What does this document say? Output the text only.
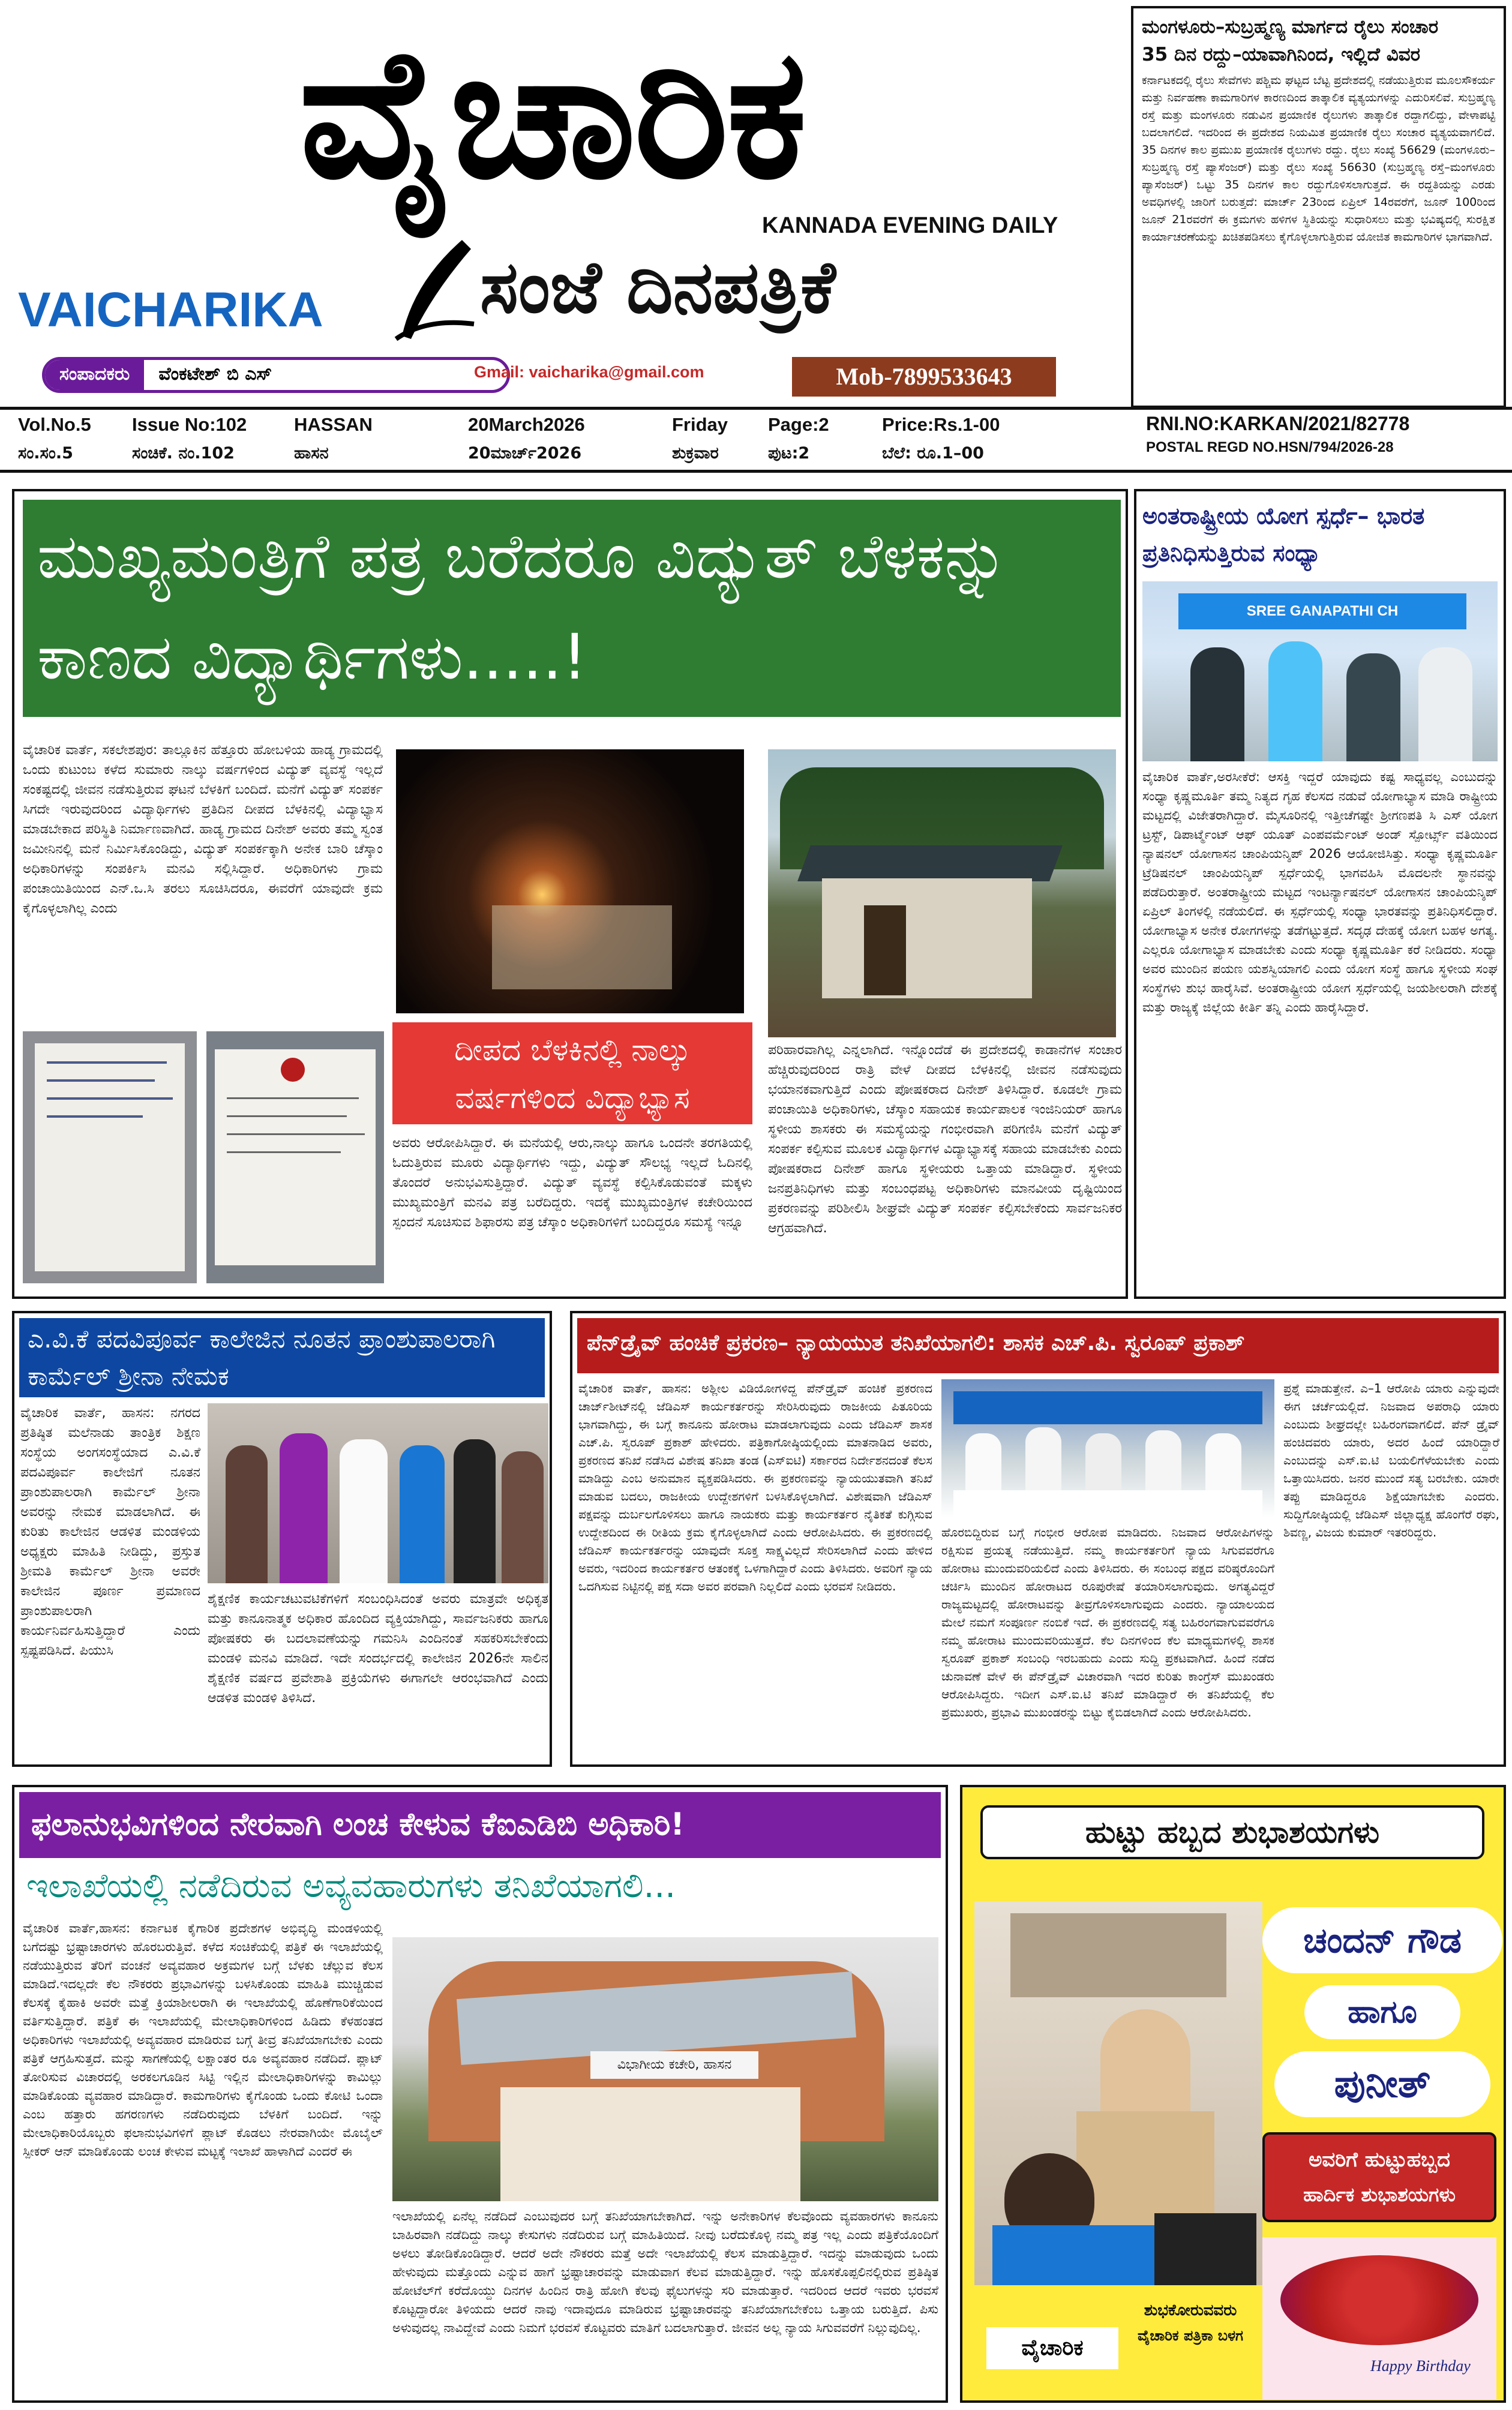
ವೈಚಾರಿಕ
VAICHARIKA
KANNADA EVENING DAILY
ಸಂಜೆ ದಿನಪತ್ರಿಕೆ
ಸಂಪಾದಕರು	ವೆಂಕಟೇಶ್ ಬಿ ಎಸ್	Gmail: vaicharika@gmail.com	Mob-7899533643
ಮಂಗಳೂರು–ಸುಬ್ರಹ್ಮಣ್ಯ ಮಾರ್ಗದ ರೈಲು ಸಂಚಾರ
35 ದಿನ ರದ್ದು–ಯಾವಾಗಿನಿಂದ, ಇಲ್ಲಿದೆ ವಿವರ
ಕರ್ನಾಟಕದಲ್ಲಿ ರೈಲು ಸೇವೆಗಳು ಪಶ್ಚಿಮ ಘಟ್ಟದ ಬೆಟ್ಟ ಪ್ರದೇಶದಲ್ಲಿ ನಡೆಯುತ್ತಿರುವ ಮೂಲಸೌಕರ್ಯ ಮತ್ತು ನಿರ್ವಹಣಾ ಕಾಮಗಾರಿಗಳ ಕಾರಣದಿಂದ ತಾತ್ಕಾಲಿಕ ವ್ಯತ್ಯಯಗಳನ್ನು ಎದುರಿಸಲಿವೆ. ಸುಬ್ರಹ್ಮಣ್ಯ ರಸ್ತೆ ಮತ್ತು ಮಂಗಳೂರು ನಡುವಿನ ಪ್ರಯಾಣಿಕ ರೈಲುಗಳು ತಾತ್ಕಾಲಿಕ ರದ್ದಾಗಲಿದ್ದು, ವೇಳಾಪಟ್ಟಿ ಬದಲಾಗಲಿದೆ. ಇದರಿಂದ ಈ ಪ್ರದೇಶದ ನಿಯಮಿತ ಪ್ರಯಾಣಿಕ ರೈಲು ಸಂಚಾರ ವ್ಯತ್ಯಯವಾಗಲಿದೆ. 35 ದಿನಗಳ ಕಾಲ ಪ್ರಮುಖ ಪ್ರಯಾಣಿಕ ರೈಲುಗಳು ರದ್ದು. ರೈಲು ಸಂಖ್ಯೆ 56629 (ಮಂಗಳೂರು–ಸುಬ್ರಹ್ಮಣ್ಯ ರಸ್ತೆ ಪ್ಯಾಸೆಂಜರ್) ಮತ್ತು ರೈಲು ಸಂಖ್ಯೆ 56630 (ಸುಬ್ರಹ್ಮಣ್ಯ ರಸ್ತೆ–ಮಂಗಳೂರು ಪ್ಯಾಸೆಂಜರ್) ಒಟ್ಟು 35 ದಿನಗಳ ಕಾಲ ರದ್ದುಗೊಳಿಸಲಾಗುತ್ತದೆ. ಈ ರದ್ದತಿಯನ್ನು ಎರಡು ಅವಧಿಗಳಲ್ಲಿ ಜಾರಿಗೆ ಬರುತ್ತದೆ: ಮಾರ್ಚ್ 23ರಿಂದ ಏಪ್ರಿಲ್ 14ರವರೆಗೆ, ಜೂನ್ 100ರಿಂದ ಜೂನ್ 21ರವರೆಗೆ ಈ ಕ್ರಮಗಳು ಹಳಿಗಳ ಸ್ಥಿತಿಯನ್ನು ಸುಧಾರಿಸಲು ಮತ್ತು ಭವಿಷ್ಯದಲ್ಲಿ ಸುರಕ್ಷಿತ ಕಾರ್ಯಾಚರಣೆಯನ್ನು ಖಚಿತಪಡಿಸಲು ಕೈಗೊಳ್ಳಲಾಗುತ್ತಿರುವ ಯೋಜಿತ ಕಾಮಗಾರಿಗಳ ಭಾಗವಾಗಿದೆ.
Vol.No.5	Issue No:102	HASSAN	20March2026	Friday	Page:2	Price:Rs.1-00
ಸಂ.ಸಂ.5	ಸಂಚಿಕೆ. ನಂ.102	ಹಾಸನ	20ಮಾರ್ಚ್2026	ಶುಕ್ರವಾರ	ಪುಟ:2	ಬೆಲೆ: ರೂ.1–00
RNI.NO:KARKAN/2021/82778
POSTAL REGD NO.HSN/794/2026-28
ಮುಖ್ಯಮಂತ್ರಿಗೆ ಪತ್ರ ಬರೆದರೂ ವಿದ್ಯುತ್ ಬೆಳಕನ್ನು ಕಾಣದ ವಿದ್ಯಾರ್ಥಿಗಳು.....!
ವೈಚಾರಿಕ ವಾರ್ತೆ, ಸಕಲೇಶಪುರ: ತಾಲ್ಲೂಕಿನ ಹೆತ್ತೂರು ಹೋಬಳಿಯ ಹಾಡ್ಯ ಗ್ರಾಮದಲ್ಲಿ ಒಂದು ಕುಟುಂಬ ಕಳೆದ ಸುಮಾರು ನಾಲ್ಕು ವರ್ಷಗಳಿಂದ ವಿದ್ಯುತ್ ವ್ಯವಸ್ಥೆ ಇಲ್ಲದೆ ಸಂಕಷ್ಟದಲ್ಲಿ ಜೀವನ ನಡೆಸುತ್ತಿರುವ ಘಟನೆ ಬೆಳಕಿಗೆ ಬಂದಿದೆ. ಮನೆಗೆ ವಿದ್ಯುತ್ ಸಂಪರ್ಕ ಸಿಗದೇ ಇರುವುದರಿಂದ ವಿದ್ಯಾರ್ಥಿಗಳು ಪ್ರತಿದಿನ ದೀಪದ ಬೆಳಕಿನಲ್ಲಿ ವಿದ್ಯಾಭ್ಯಾಸ ಮಾಡಬೇಕಾದ ಪರಿಸ್ಥಿತಿ ನಿರ್ಮಾಣವಾಗಿದೆ. ಹಾಡ್ಯ ಗ್ರಾಮದ ದಿನೇಶ್ ಅವರು ತಮ್ಮ ಸ್ವಂತ ಜಮೀನಿನಲ್ಲಿ ಮನೆ ನಿರ್ಮಿಸಿಕೊಂಡಿದ್ದು, ವಿದ್ಯುತ್ ಸಂಪರ್ಕಕ್ಕಾಗಿ ಅನೇಕ ಬಾರಿ ಚೆಸ್ಕಾಂ ಅಧಿಕಾರಿಗಳನ್ನು ಸಂಪರ್ಕಿಸಿ ಮನವಿ ಸಲ್ಲಿಸಿದ್ದಾರೆ. ಅಧಿಕಾರಿಗಳು ಗ್ರಾಮ ಪಂಚಾಯಿತಿಯಿಂದ ಎನ್.ಒ.ಸಿ ತರಲು ಸೂಚಿಸಿದರೂ, ಈವರೆಗೆ ಯಾವುದೇ ಕ್ರಮ ಕೈಗೊಳ್ಳಲಾಗಿಲ್ಲ ಎಂದು
ದೀಪದ ಬೆಳಕಿನಲ್ಲಿ ನಾಲ್ಕು ವರ್ಷಗಳಿಂದ ವಿದ್ಯಾಭ್ಯಾಸ
ಅವರು ಆರೋಪಿಸಿದ್ದಾರೆ. ಈ ಮನೆಯಲ್ಲಿ ಆರು,ನಾಲ್ಕು ಹಾಗೂ ಒಂದನೇ ತರಗತಿಯಲ್ಲಿ ಓದುತ್ತಿರುವ ಮೂರು ವಿದ್ಯಾರ್ಥಿಗಳು ಇದ್ದು, ವಿದ್ಯುತ್ ಸೌಲಭ್ಯ ಇಲ್ಲದೆ ಓದಿನಲ್ಲಿ ತೊಂದರೆ ಅನುಭವಿಸುತ್ತಿದ್ದಾರೆ. ವಿದ್ಯುತ್ ವ್ಯವಸ್ಥೆ ಕಲ್ಪಿಸಿಕೊಡುವಂತೆ ಮಕ್ಕಳು ಮುಖ್ಯಮಂತ್ರಿಗೆ ಮನವಿ ಪತ್ರ ಬರೆದಿದ್ದರು. ಇದಕ್ಕೆ ಮುಖ್ಯಮಂತ್ರಿಗಳ ಕಚೇರಿಯಿಂದ ಸ್ಪಂದನೆ ಸೂಚಿಸುವ ಶಿಫಾರಸು ಪತ್ರ ಚೆಸ್ಕಾಂ ಅಧಿಕಾರಿಗಳಿಗೆ ಬಂದಿದ್ದರೂ ಸಮಸ್ಯೆ ಇನ್ನೂ
ಪರಿಹಾರವಾಗಿಲ್ಲ ಎನ್ನಲಾಗಿದೆ. ಇನ್ನೊಂದೆಡೆ ಈ ಪ್ರದೇಶದಲ್ಲಿ ಕಾಡಾನೆಗಳ ಸಂಚಾರ ಹೆಚ್ಚಿರುವುದರಿಂದ ರಾತ್ರಿ ವೇಳೆ ದೀಪದ ಬೆಳಕಿನಲ್ಲಿ ಜೀವನ ನಡೆಸುವುದು ಭಯಾನಕವಾಗುತ್ತಿದೆ ಎಂದು ಪೋಷಕರಾದ ದಿನೇಶ್ ತಿಳಿಸಿದ್ದಾರೆ. ಕೂಡಲೇ ಗ್ರಾಮ ಪಂಚಾಯಿತಿ ಅಧಿಕಾರಿಗಳು, ಚೆಸ್ಕಾಂ ಸಹಾಯಕ ಕಾರ್ಯಪಾಲಕ ಇಂಜಿನಿಯರ್ ಹಾಗೂ ಸ್ಥಳೀಯ ಶಾಸಕರು ಈ ಸಮಸ್ಯೆಯನ್ನು ಗಂಭೀರವಾಗಿ ಪರಿಗಣಿಸಿ ಮನೆಗೆ ವಿದ್ಯುತ್ ಸಂಪರ್ಕ ಕಲ್ಪಿಸುವ ಮೂಲಕ ವಿದ್ಯಾರ್ಥಿಗಳ ವಿದ್ಯಾಭ್ಯಾಸಕ್ಕೆ ಸಹಾಯ ಮಾಡಬೇಕು ಎಂದು ಪೋಷಕರಾದ ದಿನೇಶ್ ಹಾಗೂ ಸ್ಥಳೀಯರು ಒತ್ತಾಯ ಮಾಡಿದ್ದಾರೆ. ಸ್ಥಳೀಯ ಜನಪ್ರತಿನಿಧಿಗಳು ಮತ್ತು ಸಂಬಂಧಪಟ್ಟ ಅಧಿಕಾರಿಗಳು ಮಾನವೀಯ ದೃಷ್ಟಿಯಿಂದ ಪ್ರಕರಣವನ್ನು ಪರಿಶೀಲಿಸಿ ಶೀಘ್ರವೇ ವಿದ್ಯುತ್ ಸಂಪರ್ಕ ಕಲ್ಪಿಸಬೇಕೆಂದು ಸಾರ್ವಜನಿಕರ ಆಗ್ರಹವಾಗಿದೆ.
ಅಂತರಾಷ್ಟ್ರೀಯ ಯೋಗ ಸ್ಪರ್ಧೆ– ಭಾರತ ಪ್ರತಿನಿಧಿಸುತ್ತಿರುವ ಸಂಧ್ಯಾ
SREE GANAPATHI CH
ವೈಚಾರಿಕ ವಾರ್ತೆ,ಅರಸೀಕೆರೆ: ಆಸಕ್ತಿ ಇದ್ದರೆ ಯಾವುದು ಕಷ್ಟ ಸಾಧ್ಯವಲ್ಲ ಎಂಬುದನ್ನು ಸಂಧ್ಯಾ ಕೃಷ್ಣಮೂರ್ತಿ ತಮ್ಮ ನಿತ್ಯದ ಗೃಹ ಕೆಲಸದ ನಡುವೆ ಯೋಗಾಭ್ಯಾಸ ಮಾಡಿ ರಾಷ್ಟ್ರೀಯ ಮಟ್ಟದಲ್ಲಿ ವಿಜೇತರಾಗಿದ್ದಾರೆ. ಮೈಸೂರಿನಲ್ಲಿ ಇತ್ತೀಚೆಗಷ್ಟೇ ಶ್ರೀಗಣಪತಿ ಸಿ ಎಸ್ ಯೋಗ ಟ್ರಸ್ಟ್, ಡಿಪಾರ್ಟ್ಮೆಂಟ್ ಆಫ್ ಯೂತ್ ಎಂಪವರ್ಮೆಂಟ್ ಅಂಡ್ ಸ್ಪೋರ್ಟ್ಸ್ ವತಿಯಿಂದ ನ್ಯಾಷನಲ್ ಯೋಗಾಸನ ಚಾಂಪಿಯನ್ಶಿಪ್ 2026 ಆಯೋಜಿಸಿತ್ತು. ಸಂಧ್ಯಾ ಕೃಷ್ಣಮೂರ್ತಿ ಟ್ರೆಡಿಷನಲ್ ಚಾಂಪಿಯನ್ಶಿಪ್ ಸ್ಪರ್ಧೆಯಲ್ಲಿ ಭಾಗವಹಿಸಿ ಮೊದಲನೇ ಸ್ಥಾನವನ್ನು ಪಡೆದಿರುತ್ತಾರೆ. ಅಂತರಾಷ್ಟ್ರೀಯ ಮಟ್ಟದ ಇಂಟರ್ನ್ಯಾಷನಲ್ ಯೋಗಾಸನ ಚಾಂಪಿಯನ್ಶಿಪ್ ಏಪ್ರಿಲ್ ತಿಂಗಳಲ್ಲಿ ನಡೆಯಲಿದೆ. ಈ ಸ್ಪರ್ಧೆಯಲ್ಲಿ ಸಂಧ್ಯಾ ಭಾರತವನ್ನು ಪ್ರತಿನಿಧಿಸಲಿದ್ದಾರೆ. ಯೋಗಾಭ್ಯಾಸ ಅನೇಕ ರೋಗಗಳನ್ನು ತಡೆಗಟ್ಟುತ್ತದೆ. ಸದೃಢ ದೇಹಕ್ಕೆ ಯೋಗ ಬಹಳ ಅಗತ್ಯ. ಎಲ್ಲರೂ ಯೋಗಾಭ್ಯಾಸ ಮಾಡಬೇಕು ಎಂದು ಸಂಧ್ಯಾ ಕೃಷ್ಣಮೂರ್ತಿ ಕರೆ ನೀಡಿದರು. ಸಂಧ್ಯಾ ಅವರ ಮುಂದಿನ ಪಯಣ ಯಶಸ್ವಿಯಾಗಲಿ ಎಂದು ಯೋಗ ಸಂಸ್ಥೆ ಹಾಗೂ ಸ್ಥಳೀಯ ಸಂಘ ಸಂಸ್ಥೆಗಳು ಶುಭ ಹಾರೈಸಿವೆ. ಅಂತರಾಷ್ಟ್ರೀಯ ಯೋಗ ಸ್ಪರ್ಧೆಯಲ್ಲಿ ಜಯಶೀಲರಾಗಿ ದೇಶಕ್ಕೆ ಮತ್ತು ರಾಜ್ಯಕ್ಕೆ ಜಿಲ್ಲೆಯ ಕೀರ್ತಿ ತನ್ನಿ ಎಂದು ಹಾರೈಸಿದ್ದಾರೆ.
ಎ.ವಿ.ಕೆ ಪದವಿಪೂರ್ವ ಕಾಲೇಜಿನ ನೂತನ ಪ್ರಾಂಶುಪಾಲರಾಗಿ ಕಾರ್ಮೆಲ್ ಶ್ರೀನಾ ನೇಮಕ
ವೈಚಾರಿಕ ವಾರ್ತೆ, ಹಾಸನ: ನಗರದ ಪ್ರತಿಷ್ಠಿತ ಮಲೆನಾಡು ತಾಂತ್ರಿಕ ಶಿಕ್ಷಣ ಸಂಸ್ಥೆಯ ಅಂಗಸಂಸ್ಥೆಯಾದ ಎ.ವಿ.ಕೆ ಪದವಿಪೂರ್ವ ಕಾಲೇಜಿಗೆ ನೂತನ ಪ್ರಾಂಶುಪಾಲರಾಗಿ ಕಾರ್ಮೆಲ್ ಶ್ರೀನಾ ಅವರನ್ನು ನೇಮಕ ಮಾಡಲಾಗಿದೆ. ಈ ಕುರಿತು ಕಾಲೇಜಿನ ಆಡಳಿತ ಮಂಡಳಿಯ ಅಧ್ಯಕ್ಷರು ಮಾಹಿತಿ ನೀಡಿದ್ದು, ಪ್ರಸ್ತುತ ಶ್ರೀಮತಿ ಕಾರ್ಮೆಲ್ ಶ್ರೀನಾ ಅವರೇ ಕಾಲೇಜಿನ ಪೂರ್ಣ ಪ್ರಮಾಣದ ಪ್ರಾಂಶುಪಾಲರಾಗಿ ಕಾರ್ಯನಿರ್ವಹಿಸುತ್ತಿದ್ದಾರೆ ಎಂದು ಸ್ಪಷ್ಟಪಡಿಸಿದೆ. ಪಿಯುಸಿ
ಶೈಕ್ಷಣಿಕ ಕಾರ್ಯಚಟುವಟಿಕೆಗಳಿಗೆ ಸಂಬಂಧಿಸಿದಂತೆ ಅವರು ಮಾತ್ರವೇ ಅಧಿಕೃತ ಮತ್ತು ಕಾನೂನಾತ್ಮಕ ಅಧಿಕಾರ ಹೊಂದಿದ ವ್ಯಕ್ತಿಯಾಗಿದ್ದು, ಸಾರ್ವಜನಿಕರು ಹಾಗೂ ಪೋಷಕರು ಈ ಬದಲಾವಣೆಯನ್ನು ಗಮನಿಸಿ ಎಂದಿನಂತೆ ಸಹಕರಿಸಬೇಕೆಂದು ಮಂಡಳಿ ಮನವಿ ಮಾಡಿದೆ. ಇದೇ ಸಂದರ್ಭದಲ್ಲಿ ಕಾಲೇಜಿನ 2026ನೇ ಸಾಲಿನ ಶೈಕ್ಷಣಿಕ ವರ್ಷದ ಪ್ರವೇಶಾತಿ ಪ್ರಕ್ರಿಯೆಗಳು ಈಗಾಗಲೇ ಆರಂಭವಾಗಿದೆ ಎಂದು ಆಡಳಿತ ಮಂಡಳಿ ತಿಳಿಸಿದೆ.
ಪೆನ್‌ಡ್ರೈವ್ ಹಂಚಿಕೆ ಪ್ರಕರಣ– ನ್ಯಾಯಯುತ ತನಿಖೆಯಾಗಲಿ: ಶಾಸಕ ಎಚ್.ಪಿ. ಸ್ವರೂಪ್ ಪ್ರಕಾಶ್
ವೈಚಾರಿಕ ವಾರ್ತೆ, ಹಾಸನ: ಅಶ್ಲೀಲ ವಿಡಿಯೋಗಳಿದ್ದ ಪೆನ್‌ಡ್ರೈವ್ ಹಂಚಿಕೆ ಪ್ರಕರಣದ ಚಾರ್ಜ್‌ಶೀಟ್‌ನಲ್ಲಿ ಜೆಡಿಎಸ್ ಕಾರ್ಯಕರ್ತರನ್ನು ಸೇರಿಸಿರುವುದು ರಾಜಕೀಯ ಪಿತೂರಿಯ ಭಾಗವಾಗಿದ್ದು, ಈ ಬಗ್ಗೆ ಕಾನೂನು ಹೋರಾಟ ಮಾಡಲಾಗುವುದು ಎಂದು ಜೆಡಿಎಸ್ ಶಾಸಕ ಎಚ್.ಪಿ. ಸ್ವರೂಪ್ ಪ್ರಕಾಶ್ ಹೇಳಿದರು. ಪತ್ರಿಕಾಗೋಷ್ಠಿಯಲ್ಲಿಂದು ಮಾತನಾಡಿದ ಅವರು, ಪ್ರಕರಣದ ತನಿಖೆ ನಡೆಸಿದ ವಿಶೇಷ ತನಿಖಾ ತಂಡ (ಎಸ್‌ಐಟಿ) ಸರ್ಕಾರದ ನಿರ್ದೇಶನದಂತೆ ಕೆಲಸ ಮಾಡಿದ್ದು ಎಂಬ ಅನುಮಾನ ವ್ಯಕ್ತಪಡಿಸಿದರು. ಈ ಪ್ರಕರಣವನ್ನು ನ್ಯಾಯಯುತವಾಗಿ ತನಿಖೆ ಮಾಡುವ ಬದಲು, ರಾಜಕೀಯ ಉದ್ದೇಶಗಳಿಗೆ ಬಳಸಿಕೊಳ್ಳಲಾಗಿದೆ. ವಿಶೇಷವಾಗಿ ಜೆಡಿಎಸ್ ಪಕ್ಷವನ್ನು ದುರ್ಬಲಗೊಳಿಸಲು ಹಾಗೂ ನಾಯಕರು ಮತ್ತು ಕಾರ್ಯಕರ್ತರ ನೈತಿಕತೆ ಕುಗ್ಗಿಸುವ ಉದ್ದೇಶದಿಂದ ಈ ರೀತಿಯ ಕ್ರಮ ಕೈಗೊಳ್ಳಲಾಗಿದೆ ಎಂದು ಆರೋಪಿಸಿದರು. ಈ ಪ್ರಕರಣದಲ್ಲಿ ಜೆಡಿಎಸ್ ಕಾರ್ಯಕರ್ತರನ್ನು ಯಾವುದೇ ಸೂಕ್ತ ಸಾಕ್ಷ್ಯವಿಲ್ಲದೆ ಸೇರಿಸಲಾಗಿದೆ ಎಂದು ಹೇಳಿದ ಅವರು, ಇದರಿಂದ ಕಾರ್ಯಕರ್ತರ ಆತಂಕಕ್ಕೆ ಒಳಗಾಗಿದ್ದಾರೆ ಎಂದು ತಿಳಿಸಿದರು. ಅವರಿಗೆ ನ್ಯಾಯ ಒದಗಿಸುವ ನಿಟ್ಟಿನಲ್ಲಿ ಪಕ್ಷ ಸದಾ ಅವರ ಪರವಾಗಿ ನಿಲ್ಲಲಿದೆ ಎಂದು ಭರವಸೆ ನೀಡಿದರು.
ಹೊರಬಿದ್ದಿರುವ ಬಗ್ಗೆ ಗಂಭೀರ ಆರೋಪ ಮಾಡಿದರು. ನಿಜವಾದ ಆರೋಪಿಗಳನ್ನು ರಕ್ಷಿಸುವ ಪ್ರಯತ್ನ ನಡೆಯುತ್ತಿದೆ. ನಮ್ಮ ಕಾರ್ಯಕರ್ತರಿಗೆ ನ್ಯಾಯ ಸಿಗುವವರೆಗೂ ಹೋರಾಟ ಮುಂದುವರಿಯಲಿದೆ ಎಂದು ತಿಳಿಸಿದರು. ಈ ಸಂಬಂಧ ಪಕ್ಷದ ವರಿಷ್ಠರೊಂದಿಗೆ ಚರ್ಚಿಸಿ ಮುಂದಿನ ಹೋರಾಟದ ರೂಪುರೇಷೆ ತಯಾರಿಸಲಾಗುವುದು. ಅಗತ್ಯವಿದ್ದರೆ ರಾಜ್ಯಮಟ್ಟದಲ್ಲಿ ಹೋರಾಟವನ್ನು ತೀವ್ರಗೊಳಿಸಲಾಗುವುದು ಎಂದರು. ನ್ಯಾಯಾಲಯದ ಮೇಲೆ ನಮಗೆ ಸಂಪೂರ್ಣ ನಂಬಿಕೆ ಇದೆ. ಈ ಪ್ರಕರಣದಲ್ಲಿ ಸತ್ಯ ಬಹಿರಂಗವಾಗುವವರೆಗೂ ನಮ್ಮ ಹೋರಾಟ ಮುಂದುವರಿಯುತ್ತದೆ. ಕೆಲ ದಿನಗಳಿಂದ ಕೆಲ ಮಾಧ್ಯಮಗಳಲ್ಲಿ ಶಾಸಕ ಸ್ವರೂಪ್ ಪ್ರಕಾಶ್ ಸಂಬಂಧಿ ಇರಬಹುದು ಎಂದು ಸುದ್ದಿ ಪ್ರಕಟವಾಗಿದೆ. ಹಿಂದೆ ನಡೆದ ಚುನಾವಣೆ ವೇಳೆ ಈ ಪೆನ್‌ಡ್ರೈವ್ ವಿಚಾರವಾಗಿ ಇದರ ಕುರಿತು ಕಾಂಗ್ರೆಸ್ ಮುಖಂಡರು ಆರೋಪಿಸಿದ್ದರು. ಇದೀಗ ಎಸ್.ಐ.ಟಿ ತನಿಖೆ ಮಾಡಿದ್ದಾರೆ ಈ ತನಿಖೆಯಲ್ಲಿ ಕೆಲ ಪ್ರಮುಖರು, ಪ್ರಭಾವಿ ಮುಖಂಡರನ್ನು ಬಿಟ್ಟು ಕೈಬಿಡಲಾಗಿದೆ ಎಂದು ಆರೋಪಿಸಿದರು.
ಪ್ರಶ್ನೆ ಮಾಡುತ್ತೇನೆ. ಎ–1 ಆರೋಪಿ ಯಾರು ಎನ್ನುವುದೇ ಈಗ ಚರ್ಚೆಯಲ್ಲಿದೆ. ನಿಜವಾದ ಅಪರಾಧಿ ಯಾರು ಎಂಬುದು ಶೀಘ್ರದಲ್ಲೇ ಬಹಿರಂಗವಾಗಲಿದೆ. ಪೆನ್ ಡ್ರೈವ್ ಹಂಚಿದವರು ಯಾರು, ಅದರ ಹಿಂದೆ ಯಾರಿದ್ದಾರೆ ಎಂಬುದನ್ನು ಎಸ್.ಐ.ಟಿ ಬಯಲಿಗೆಳೆಯಬೇಕು ಎಂದು ಒತ್ತಾಯಿಸಿದರು. ಜನರ ಮುಂದೆ ಸತ್ಯ ಬರಬೇಕು. ಯಾರೇ ತಪ್ಪು ಮಾಡಿದ್ದರೂ ಶಿಕ್ಷೆಯಾಗಬೇಕು ಎಂದರು. ಸುದ್ದಿಗೋಷ್ಠಿಯಲ್ಲಿ ಜೆಡಿಎಸ್ ಜಿಲ್ಲಾಧ್ಯಕ್ಷ ಹೊಂಗೆರೆ ರಘು, ಶಿವಣ್ಣ, ವಿಜಯ ಕುಮಾರ್ ಇತರರಿದ್ದರು.
ಫಲಾನುಭವಿಗಳಿಂದ ನೇರವಾಗಿ ಲಂಚ ಕೇಳುವ ಕೆಐಎಡಿಬಿ ಅಧಿಕಾರಿ!
ಇಲಾಖೆಯಲ್ಲಿ ನಡೆದಿರುವ ಅವ್ಯವಹಾರುಗಳು ತನಿಖೆಯಾಗಲಿ...
ವೈಚಾರಿಕ ವಾರ್ತೆ,ಹಾಸನ: ಕರ್ನಾಟಕ ಕೈಗಾರಿಕ ಪ್ರದೇಶಗಳ ಅಭಿವೃದ್ಧಿ ಮಂಡಳಿಯಲ್ಲಿ ಬಗೆದಷ್ಟು ಭ್ರಷ್ಟಾಚಾರಗಳು ಹೊರಬರುತ್ತಿವೆ. ಕಳೆದ ಸಂಚಿಕೆಯಲ್ಲಿ ಪತ್ರಿಕೆ ಈ ಇಲಾಖೆಯಲ್ಲಿ ನಡೆಯುತ್ತಿರುವ ತೆರಿಗೆ ವಂಚನೆ ಅವ್ಯವಹಾರ ಅಕ್ರಮಗಳ ಬಗ್ಗೆ ಬೆಳಕು ಚೆಲ್ಲುವ ಕೆಲಸ ಮಾಡಿದೆ.ಇದಲ್ಲದೇ ಕೆಲ ನೌಕರರು ಪ್ರಭಾವಿಗಳನ್ನು ಬಳಸಿಕೊಂಡು ಮಾಹಿತಿ ಮುಚ್ಚಿಡುವ ಕೆಲಸಕ್ಕೆ ಕೈಹಾಕಿ ಅವರೇ ಮತ್ತೆ ಕ್ರಿಯಾಶೀಲರಾಗಿ ಈ ಇಲಾಖೆಯಲ್ಲಿ ಹೊಣೆಗಾರಿಕೆಯಿಂದ ವರ್ತಿಸುತ್ತಿದ್ದಾರೆ. ಪತ್ರಿಕೆ ಈ ಇಲಾಖೆಯಲ್ಲಿ ಮೇಲಾಧಿಕಾರಿಗಳಿಂದ ಹಿಡಿದು ಕೆಳಹಂತದ ಅಧಿಕಾರಿಗಳು ಇಲಾಖೆಯಲ್ಲಿ ಅವ್ಯವಹಾರ ಮಾಡಿರುವ ಬಗ್ಗೆ ತೀವ್ರ ತನಿಖೆಯಾಗಬೇಕು ಎಂದು ಪತ್ರಿಕೆ ಆಗ್ರಹಿಸುತ್ತದೆ. ಮನ್ನು ಸಾಗಣೆಯಲ್ಲಿ ಲಕ್ಷಾಂತರ ರೂ ಅವ್ಯವಹಾರ ನಡೆದಿದೆ. ಪ್ಲಾಟ್ ತೋರಿಸುವ ವಿಚಾರದಲ್ಲಿ ಅರಕಲಗೂಡಿನ ಸಿಟ್ಟಿ ಇಲ್ಲಿನ ಮೇಲಾಧಿಕಾರಿಗಳನ್ನು ಕಾಮಿಲ್ಲು ಮಾಡಿಕೊಂಡು ವ್ಯವಹಾರ ಮಾಡಿದ್ದಾರೆ. ಕಾಮಗಾರಿಗಳು ಕೈಗೊಂಡು ಒಂದು ಕೋಟಿ ಒಂದಾ ಎಂಬ ಹತ್ತಾರು ಹಗರಣಗಳು ನಡೆದಿರುವುದು ಬೆಳಕಿಗೆ ಬಂದಿದೆ. ಇನ್ನು ಮೇಲಾಧಿಕಾರಿಯೊಬ್ಬರು ಫಲಾನುಭವಿಗಳಿಗೆ ಪ್ಲಾಟ್ ಕೊಡಲು ನೇರವಾಗಿಯೇ ಮೊಬೈಲ್ ಸ್ಪೀಕರ್ ಆನ್ ಮಾಡಿಕೊಂಡು ಲಂಚ ಕೇಳುವ ಮಟ್ಟಕ್ಕೆ ಇಲಾಖೆ ಹಾಳಾಗಿದೆ ಎಂದರೆ ಈ
ವಿಭಾಗೀಯ ಕಚೇರಿ, ಹಾಸನ
ಇಲಾಖೆಯಲ್ಲಿ ಏನೆಲ್ಲ ನಡೆದಿದೆ ಎಂಬುವುದರ ಬಗ್ಗೆ ತನಿಖೆಯಾಗಬೇಕಾಗಿದೆ. ಇನ್ನು ಅನೇಕಾರಿಗಳ ಕೆಲವೊಂದು ವ್ಯವಹಾರಗಳು ಕಾನೂನು ಬಾಹಿರವಾಗಿ ನಡೆದಿದ್ದು ನಾಲ್ಕು ಕೇಸುಗಳು ನಡೆದಿರುವ ಬಗ್ಗೆ ಮಾಹಿತಿಯಿದೆ. ನೀವು ಬರೆದುಕೊಳ್ಳಿ ನಮ್ಮ ಪತ್ರ ಇಲ್ಲ ಎಂದು ಪತ್ರಿಕೆಯೊಂದಿಗೆ ಅಳಲು ತೋಡಿಕೊಂಡಿದ್ದಾರೆ. ಆದರೆ ಅದೇ ನೌಕರರು ಮತ್ತೆ ಅದೇ ಇಲಾಖೆಯಲ್ಲಿ ಕೆಲಸ ಮಾಡುತ್ತಿದ್ದಾರೆ. ಇದನ್ನು ಮಾಡುವುದು ಒಂದು ಹೇಳುವುದು ಮತ್ತೊಂದು ಎನ್ನುವ ಹಾಗೆ ಭ್ರಷ್ಟಾಚಾರವನ್ನು ಮಾಡುವಾಗ ಕೆಲವ ಮಾಡುತ್ತಿದ್ದಾರೆ. ಇನ್ನು ಹೊಸಕೊಪ್ಪಲಿನಲ್ಲಿರುವ ಪ್ರತಿಷ್ಠಿತ ಹೋಟೆಲ್‌ಗೆ ಕರೆದೊಯ್ದು ದಿನಗಳ ಹಿಂದಿನ ರಾತ್ರಿ ಹೋಗಿ ಕೆಲವು ಫೈಲುಗಳನ್ನು ಸರಿ ಮಾಡುತ್ತಾರೆ. ಇದರಿಂದ ಆದರೆ ಇವರು ಭರವಸೆ ಕೊಟ್ಟದ್ದಾರೋ ತಿಳಿಯದು ಆದರೆ ನಾವು ಇದಾವುದೂ ಮಾಡಿರುವ ಭ್ರಷ್ಟಾಚಾರವನ್ನು ತನಿಖೆಯಾಗಬೇಕೆಂಬ ಒತ್ತಾಯ ಬರುತ್ತಿದೆ. ಪಿಸು ಅಳುವುದಲ್ಲ ನಾವಿದ್ದೇವೆ ಎಂದು ನಿಮಗೆ ಭರವಸೆ ಕೊಟ್ಟವರು ಮಾತಿಗೆ ಬದಲಾಗುತ್ತಾರೆ. ಜೀವನ ಅಲ್ಲ ನ್ಯಾಯ ಸಿಗುವವರೆಗೆ ನಿಲ್ಲುವುದಿಲ್ಲ.
ಹುಟ್ಟು ಹಬ್ಬದ ಶುಭಾಶಯಗಳು
ಚಂದನ್ ಗೌಡ
ಹಾಗೂ
ಪುನೀತ್
ಅವರಿಗೆ ಹುಟ್ಟುಹಬ್ಬದ
ಹಾರ್ದಿಕ ಶುಭಾಶಯಗಳು
Happy Birthday
ವೈಚಾರಿಕ
ಶುಭಕೋರುವವರು
ವೈಚಾರಿಕ ಪತ್ರಿಕಾ ಬಳಗ
